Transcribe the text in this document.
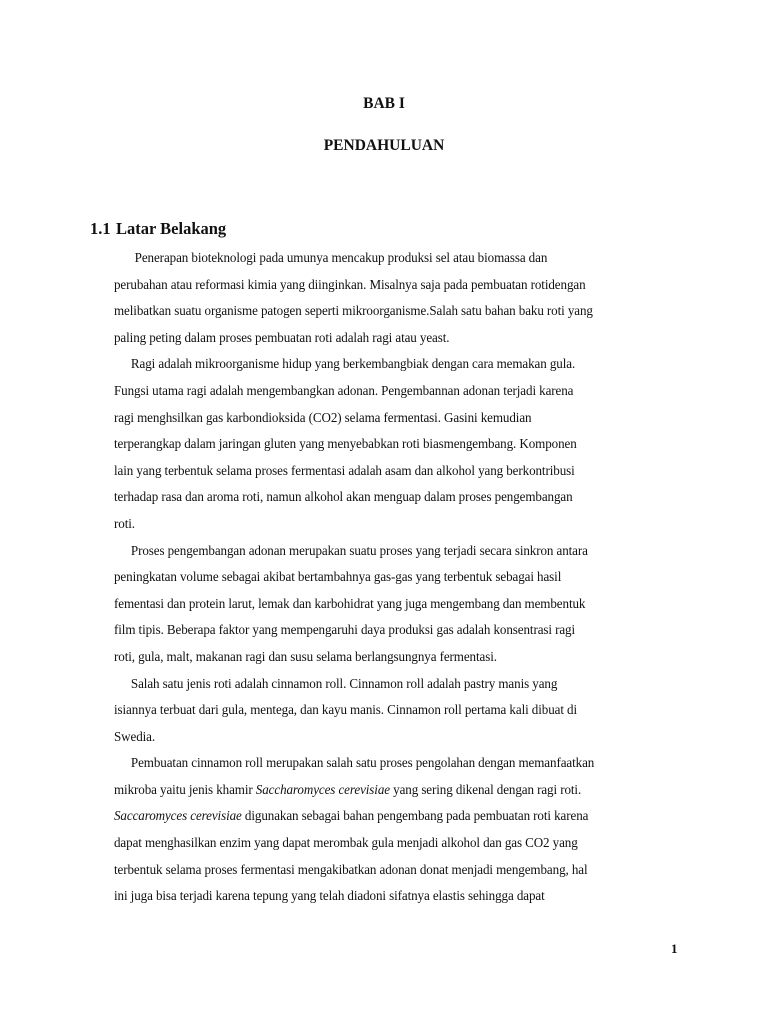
BAB I
PENDAHULUAN
1.1 Latar Belakang

Penerapan bioteknologi pada umunya mencakup produksi sel atau biomassa dan
perubahan atau reformasi kimia yang diinginkan. Misalnya saja pada pembuatan rotidengan
melibatkan suatu organisme patogen seperti mikroorganisme.Salah satu bahan baku roti yang
paling peting dalam proses pembuatan roti adalah ragi atau yeast.

Ragi adalah mikroorganisme hidup yang berkembangbiak dengan cara memakan gula.
Fungsi utama ragi adalah mengembangkan adonan. Pengembannan adonan terjadi karena
ragi menghsilkan gas karbondioksida (CO2) selama fermentasi. Gasini kemudian
terperangkap dalam jaringan gluten yang menyebabkan roti biasmengembang. Komponen
lain yang terbentuk selama proses fermentasi adalah asam dan alkohol yang berkontribusi
terhadap rasa dan aroma roti, namun alkohol akan menguap dalam proses pengembangan
roti.

Proses pengembangan adonan merupakan suatu proses yang terjadi secara sinkron antara
peningkatan volume sebagai akibat bertambahnya gas-gas yang terbentuk sebagai hasil
fementasi dan protein larut, lemak dan karbohidrat yang juga mengembang dan membentuk
film tipis. Beberapa faktor yang mempengaruhi daya produksi gas adalah konsentrasi ragi
roti, gula, malt, makanan ragi dan susu selama berlangsungnya fermentasi.

Salah satu jenis roti adalah cinnamon roll. Cinnamon roll adalah pastry manis yang
isiannya terbuat dari gula, mentega, dan kayu manis. Cinnamon roll pertama kali dibuat di
Swedia.

Pembuatan cinnamon roll merupakan salah satu proses pengolahan dengan memanfaatkan
mikroba yaitu jenis khamir Saccharomyces cerevisiae yang sering dikenal dengan ragi roti.
Saccaromyces cerevisiae digunakan sebagai bahan pengembang pada pembuatan roti karena
dapat menghasilkan enzim yang dapat merombak gula menjadi alkohol dan gas CO2 yang
terbentuk selama proses fermentasi mengakibatkan adonan donat menjadi mengembang, hal
ini juga bisa terjadi karena tepung yang telah diadoni sifatnya elastis sehingga dapat

1
